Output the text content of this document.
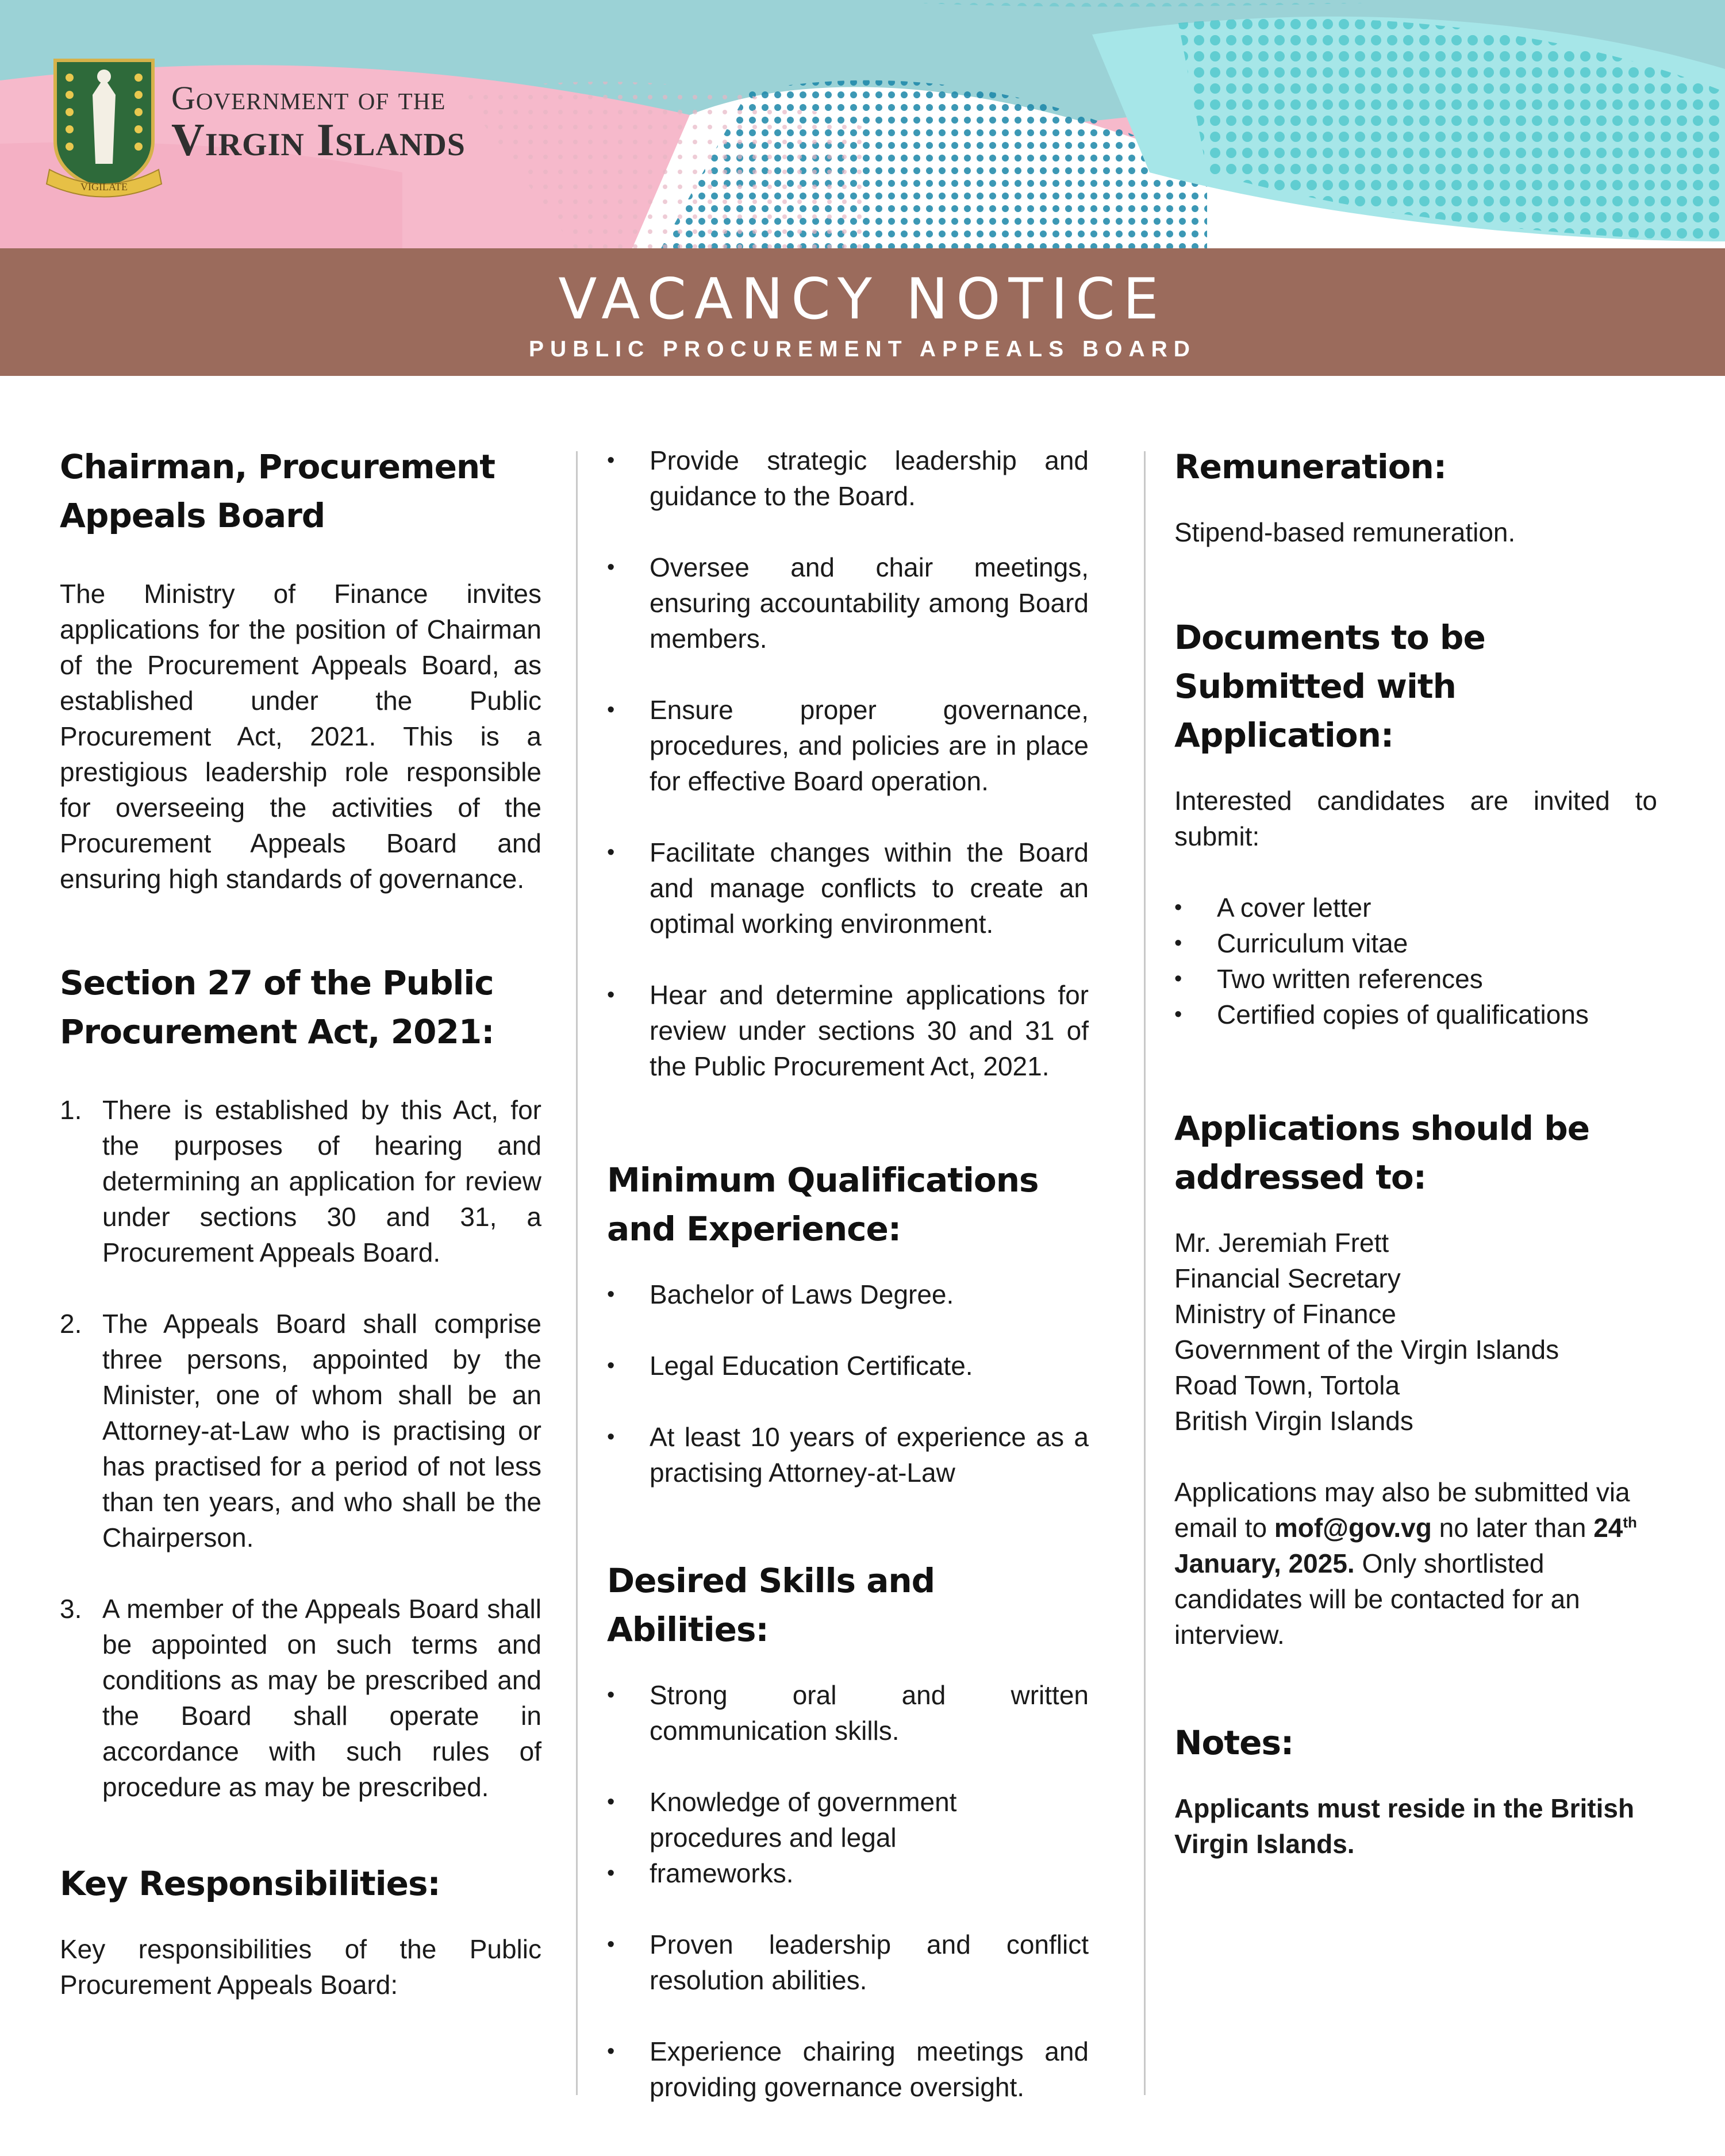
VIGILATE
Government of the
Virgin Islands
VACANCY NOTICE
PUBLIC PROCUREMENT APPEALS BOARD
Chairman, Procurement Appeals Board

The Ministry of Finance invites applications for the position of Chairman of the Procurement Appeals Board, as established under the Public Procurement Act, 2021. This is a prestigious leadership role responsible for overseeing the activities of the Procurement Appeals Board and ensuring high standards of governance.

Section 27 of the Public Procurement Act, 2021:
1. There is established by this Act, for the purposes of hearing and determining an application for review under sections 30 and 31, a Procurement Appeals Board.
2. The Appeals Board shall comprise three persons, appointed by the Minister, one of whom shall be an Attorney-at-Law who is practising or has practised for a period of not less than ten years, and who shall be the Chairperson.
3. A member of the Appeals Board shall be appointed on such terms and conditions as may be prescribed and the Board shall operate in accordance with such rules of procedure as may be prescribed.
Key Responsibilities:

Key responsibilities of the Public Procurement Appeals Board:

• Provide strategic leadership and guidance to the Board.
• Oversee and chair meetings, ensuring accountability among Board members.
• Ensure proper governance, procedures, and policies are in place for effective Board operation.
• Facilitate changes within the Board and manage conflicts to create an optimal working environment.
• Hear and determine applications for review under sections 30 and 31 of the Public Procurement Act, 2021.
Minimum Qualifications and Experience:
• Bachelor of Laws Degree.
• Legal Education Certificate.
• At least 10 years of experience as a practising Attorney-at-Law
Desired Skills and Abilities:
• Strong oral and written communication skills.
• Knowledge of government procedures and legal
• frameworks.
• Proven leadership and conflict resolution abilities.
• Experience chairing meetings and providing governance oversight.
Remuneration:

Stipend-based remuneration.

Documents to be Submitted with Application:

Interested candidates are invited to submit:

• A cover letter
• Curriculum vitae
• Two written references
• Certified copies of qualifications
Applications should be addressed to:
Mr. Jeremiah Frett
Financial Secretary
Ministry of Finance
Government of the Virgin Islands
Road Town, Tortola
British Virgin Islands

Applications may also be submitted via email to mof@gov.vg no later than 24th January, 2025. Only shortlisted candidates will be contacted for an interview.

Notes:

Applicants must reside in the British Virgin Islands.
